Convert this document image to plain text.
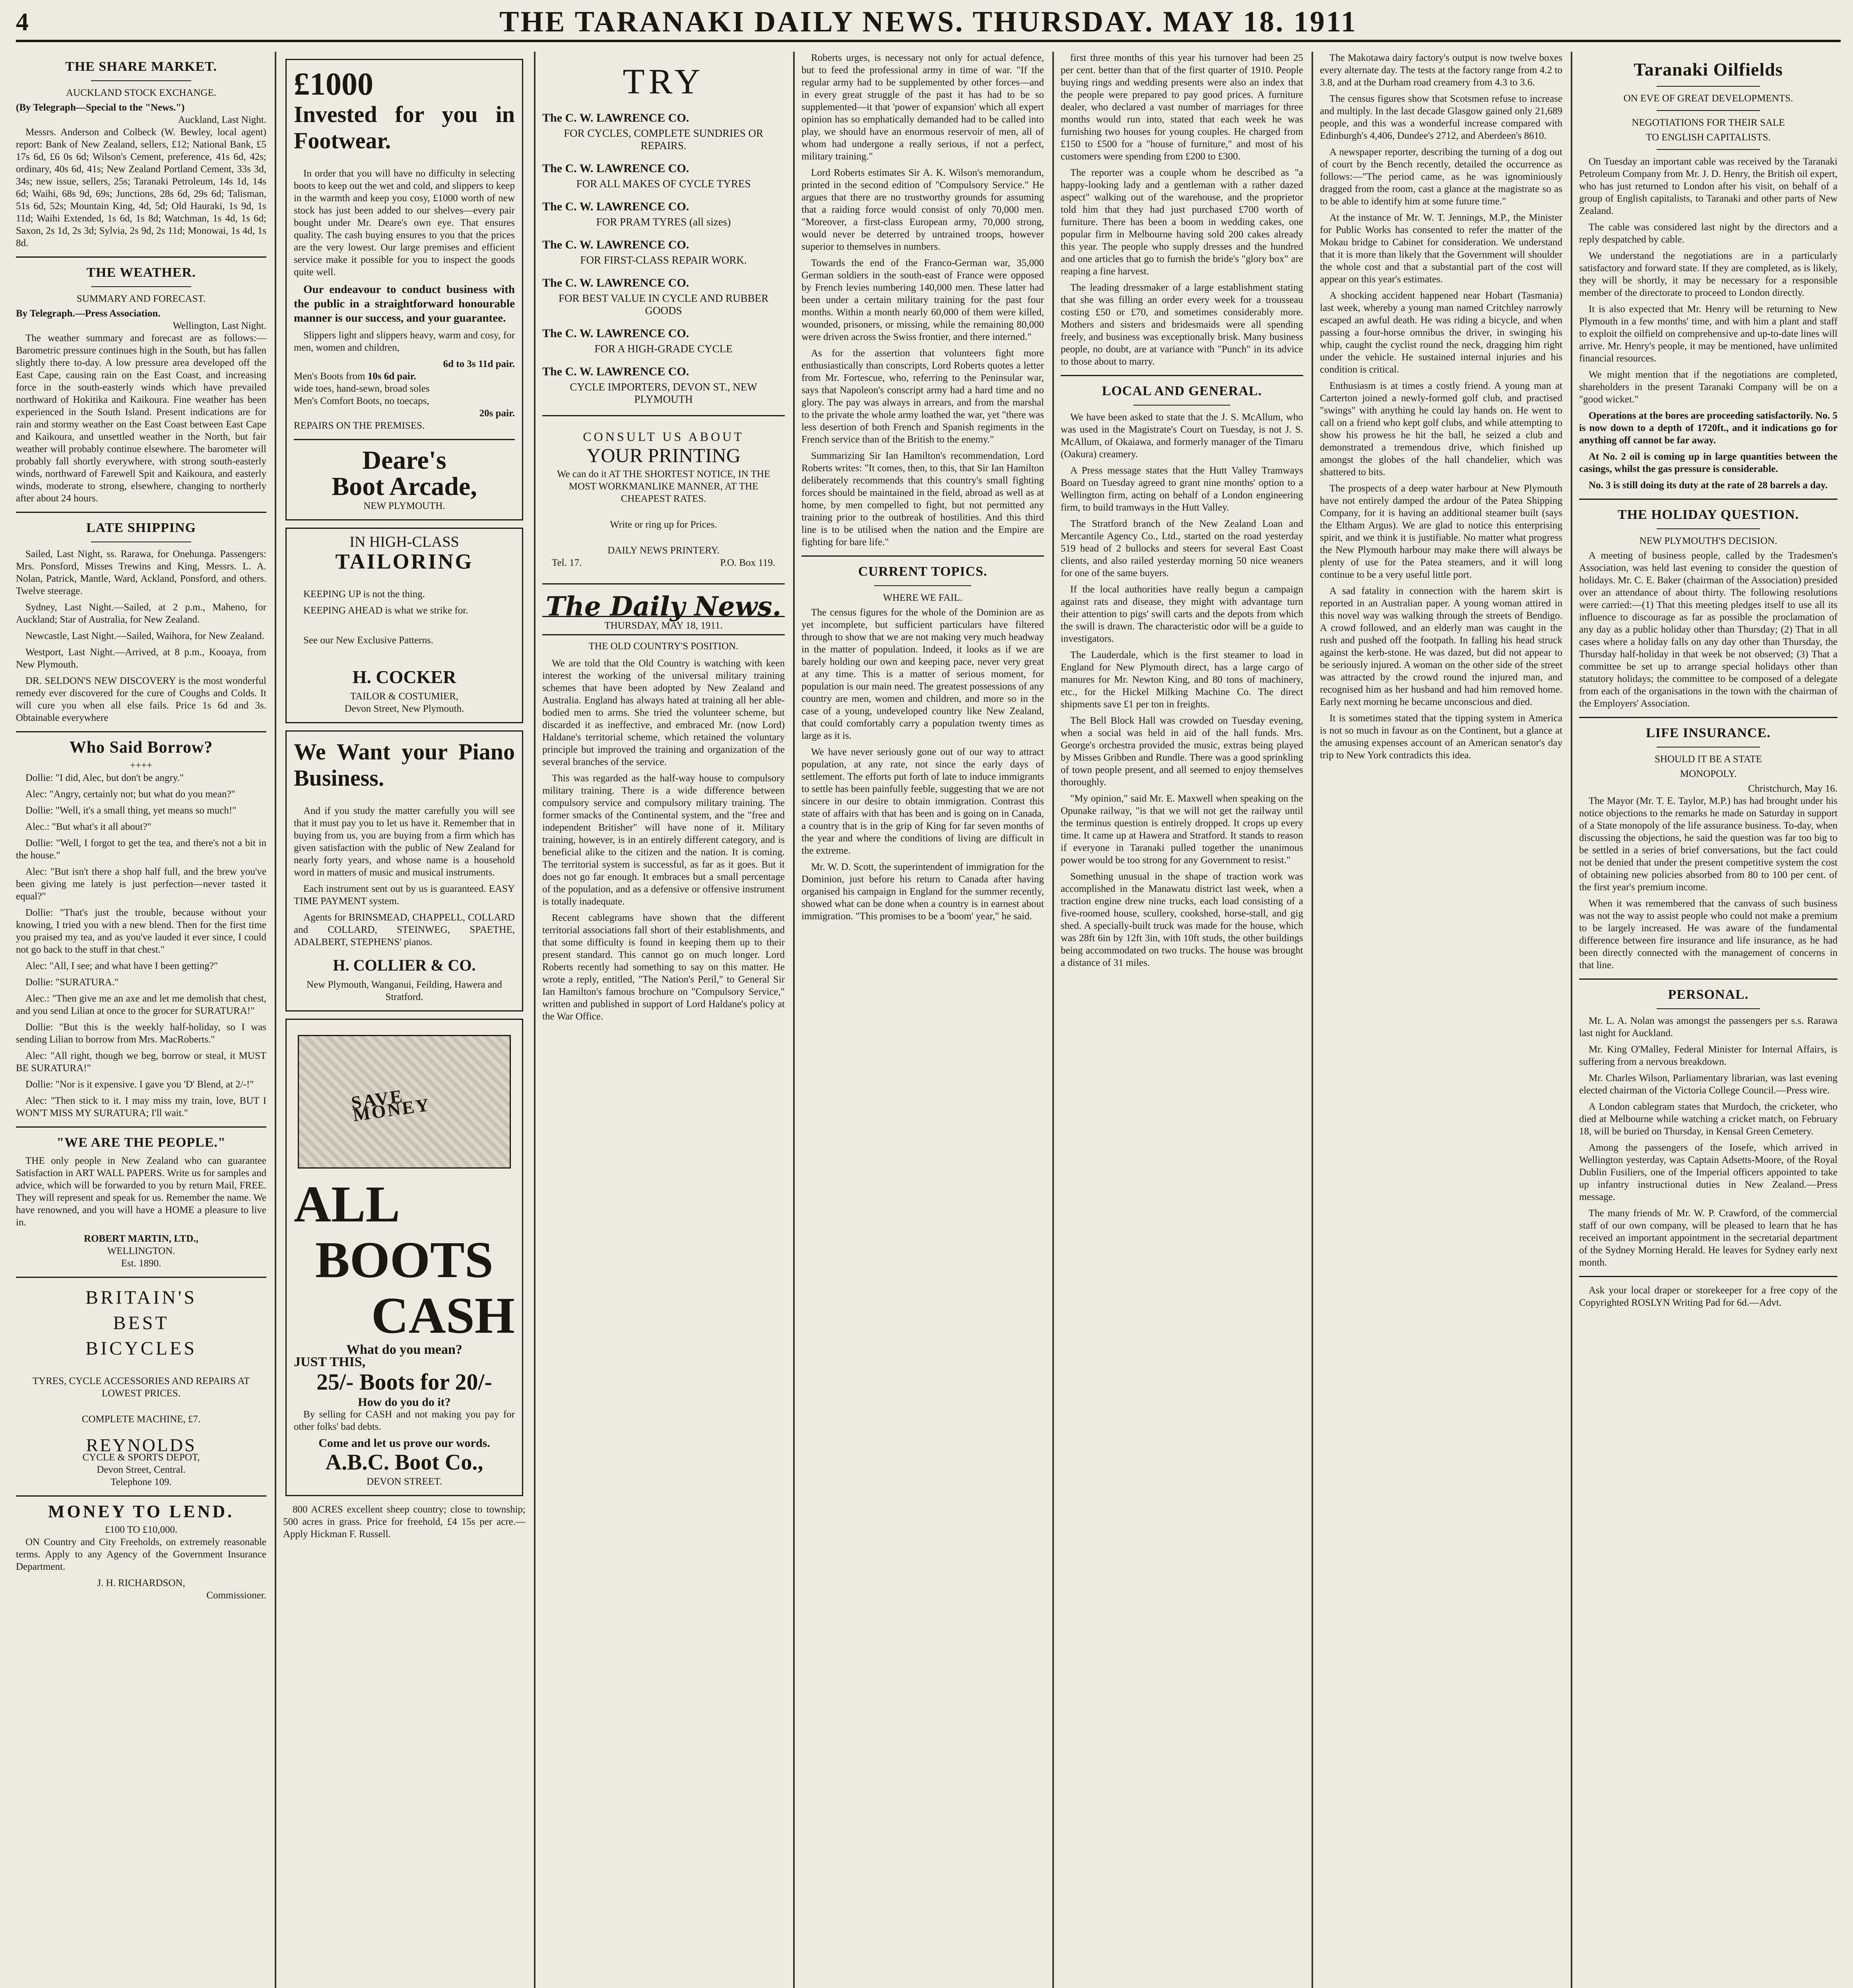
4	THE TARANAKI DAILY NEWS. THURSDAY. MAY 18. 1911
THE SHARE MARKET.
AUCKLAND STOCK EXCHANGE.
(By Telegraph—Special to the "News.")
Auckland, Last Night.

Messrs. Anderson and Colbeck (W. Bewley, local agent) report: Bank of New Zealand, sellers, £12; National Bank, £5 17s 6d, £6 0s 6d; Wilson's Cement, preference, 41s 6d, 42s; ordinary, 40s 6d, 41s; New Zealand Portland Cement, 33s 3d, 34s; new issue, sellers, 25s; Taranaki Petroleum, 14s 1d, 14s 6d; Waihi, 68s 9d, 69s; Junctions, 28s 6d, 29s 6d; Talisman, 51s 6d, 52s; Mountain King, 4d, 5d; Old Hauraki, 1s 9d, 1s 11d; Waihi Extended, 1s 6d, 1s 8d; Watchman, 1s 4d, 1s 6d; Saxon, 2s 1d, 2s 3d; Sylvia, 2s 9d, 2s 11d; Monowai, 1s 4d, 1s 8d.

THE WEATHER.
SUMMARY AND FORECAST.
By Telegraph.—Press Association.
Wellington, Last Night.

The weather summary and forecast are as follows:—Barometric pressure continues high in the South, but has fallen slightly there to-day. A low pressure area developed off the East Cape, causing rain on the East Coast, and increasing force in the south-easterly winds which have prevailed northward of Hokitika and Kaikoura. Fine weather has been experienced in the South Island. Present indications are for rain and stormy weather on the East Coast between East Cape and Kaikoura, and unsettled weather in the North, but fair weather will probably continue elsewhere. The barometer will probably fall shortly everywhere, with strong south-easterly winds, northward of Farewell Spit and Kaikoura, and easterly winds, moderate to strong, elsewhere, changing to northerly after about 24 hours.

LATE SHIPPING

Sailed, Last Night, ss. Rarawa, for Onehunga. Passengers: Mrs. Ponsford, Misses Trewins and King, Messrs. L. A. Nolan, Patrick, Mantle, Ward, Ackland, Ponsford, and others. Twelve steerage.

Sydney, Last Night.—Sailed, at 2 p.m., Maheno, for Auckland; Star of Australia, for New Zealand.

Newcastle, Last Night.—Sailed, Waihora, for New Zealand.

Westport, Last Night.—Arrived, at 8 p.m., Kooaya, from New Plymouth.

DR. SELDON'S NEW DISCOVERY is the most wonderful remedy ever discovered for the cure of Coughs and Colds. It will cure you when all else fails. Price 1s 6d and 3s. Obtainable everywhere

Who Said Borrow?
++++

Dollie: "I did, Alec, but don't be angry."

Alec: "Angry, certainly not; but what do you mean?"

Dollie: "Well, it's a small thing, yet means so much!"

Alec.: "But what's it all about?"

Dollie: "Well, I forgot to get the tea, and there's not a bit in the house."

Alec: "But isn't there a shop half full, and the brew you've been giving me lately is just perfection—never tasted it equal?"

Dollie: "That's just the trouble, because without your knowing, I tried you with a new blend. Then for the first time you praised my tea, and as you've lauded it ever since, I could not go back to the stuff in that chest."

Alec: "All, I see; and what have I been getting?"

Dollie: "SURATURA."

Alec.: "Then give me an axe and let me demolish that chest, and you send Lilian at once to the grocer for SURATURA!"

Dollie: "But this is the weekly half-holiday, so I was sending Lilian to borrow from Mrs. MacRoberts."

Alec: "All right, though we beg, borrow or steal, it MUST BE SURATURA!"

Dollie: "Nor is it expensive. I gave you 'D' Blend, at 2/-!"

Alec: "Then stick to it. I may miss my train, love, BUT I WON'T MISS MY SURATURA; I'll wait."

"WE ARE THE PEOPLE."

THE only people in New Zealand who can guarantee Satisfaction in ART WALL PAPERS. Write us for samples and advice, which will be forwarded to you by return Mail, FREE. They will represent and speak for us. Remember the name. We have renowned, and you will have a HOME a pleasure to live in.

ROBERT MARTIN, LTD.,
WELLINGTON.
Est. 1890.
BRITAIN'S
BEST
BICYCLES
TYRES, CYCLE ACCESSORIES AND REPAIRS AT LOWEST PRICES.
COMPLETE MACHINE, £7.
REYNOLDS
CYCLE & SPORTS DEPOT,
Devon Street, Central.
Telephone 109.
MONEY TO LEND.
£100 TO £10,000.

ON Country and City Freeholds, on extremely reasonable terms. Apply to any Agency of the Government Insurance Department.

J. H. RICHARDSON,
Commissioner.
£1000
Invested for you in Footwear.

In order that you will have no difficulty in selecting boots to keep out the wet and cold, and slippers to keep in the warmth and keep you cosy, £1000 worth of new stock has just been added to our shelves—every pair bought under Mr. Deare's own eye. That ensures quality. The cash buying ensures to you that the prices are the very lowest. Our large premises and efficient service make it possible for you to inspect the goods quite well.

Our endeavour to conduct business with the public in a straightforward honourable manner is our success, and your guarantee.

Slippers light and slippers heavy, warm and cosy, for men, women and children,

6d to 3s 11d pair.
Men's Boots from 10s 6d pair.
wide toes, hand-sewn, broad soles
Men's Comfort Boots, no toecaps,
20s pair.
REPAIRS ON THE PREMISES.
Deare's
Boot Arcade,
NEW PLYMOUTH.
IN HIGH-CLASS
TAILORING

KEEPING UP is not the thing.

KEEPING AHEAD is what we strike for.

See our New Exclusive Patterns.

H. COCKER
TAILOR & COSTUMIER,
Devon Street, New Plymouth.
We Want your Piano Business.

And if you study the matter carefully you will see that it must pay you to let us have it. Remember that in buying from us, you are buying from a firm which has given satisfaction with the public of New Zealand for nearly forty years, and whose name is a household word in matters of music and musical instruments.

Each instrument sent out by us is guaranteed. EASY TIME PAYMENT system.

Agents for BRINSMEAD, CHAPPELL, COLLARD and COLLARD, STEINWEG, SPAETHE, ADALBERT, STEPHENS' pianos.

H. COLLIER & CO.
New Plymouth, Wanganui, Feilding, Hawera and Stratford.
SAVE MONEY
ALL
BOOTS
CASH
What do you mean?
JUST THIS,
25/- Boots for 20/-
How do you do it?

By selling for CASH and not making you pay for other folks' bad debts.

Come and let us prove our words.
A.B.C. Boot Co.,
DEVON STREET.

800 ACRES excellent sheep country; close to township; 500 acres in grass. Price for freehold, £4 15s per acre.—Apply Hickman F. Russell.

TRY
The C. W. LAWRENCE CO.
FOR CYCLES, COMPLETE SUNDRIES OR REPAIRS.
The C. W. LAWRENCE CO.
FOR ALL MAKES OF CYCLE TYRES
The C. W. LAWRENCE CO.
FOR PRAM TYRES (all sizes)
The C. W. LAWRENCE CO.
FOR FIRST-CLASS REPAIR WORK.
The C. W. LAWRENCE CO.
FOR BEST VALUE IN CYCLE AND RUBBER GOODS
The C. W. LAWRENCE CO.
FOR A HIGH-GRADE CYCLE
The C. W. LAWRENCE CO.
CYCLE IMPORTERS, DEVON ST., NEW PLYMOUTH
CONSULT US ABOUT
YOUR PRINTING
We can do it AT THE SHORTEST NOTICE, IN THE MOST WORKMANLIKE MANNER, AT THE CHEAPEST RATES.
Write or ring up for Prices.
DAILY NEWS PRINTERY.
Tel. 17.	P.O. Box 119.
The Daily News.
THURSDAY, MAY 18, 1911.
THE OLD COUNTRY'S POSITION.

We are told that the Old Country is watching with keen interest the working of the universal military training schemes that have been adopted by New Zealand and Australia. England has always hated at training all her able-bodied men to arms. She tried the volunteer scheme, but discarded it as ineffective, and embraced Mr. (now Lord) Haldane's territorial scheme, which retained the voluntary principle but improved the training and organization of the several branches of the service.

This was regarded as the half-way house to compulsory military training. There is a wide difference between compulsory service and compulsory military training. The former smacks of the Continental system, and the "free and independent Britisher" will have none of it. Military training, however, is in an entirely different category, and is beneficial alike to the citizen and the nation. It is coming. The territorial system is successful, as far as it goes. But it does not go far enough. It embraces but a small percentage of the population, and as a defensive or offensive instrument is totally inadequate.

Recent cablegrams have shown that the different territorial associations fall short of their establishments, and that some difficulty is found in keeping them up to their present standard. This cannot go on much longer. Lord Roberts recently had something to say on this matter. He wrote a reply, entitled, "The Nation's Peril," to General Sir Ian Hamilton's famous brochure on "Compulsory Service," written and published in support of Lord Haldane's policy at the War Office.

Roberts urges, is necessary not only for actual defence, but to feed the professional army in time of war. "If the regular army had to be supplemented by other forces—and in every great struggle of the past it has had to be so supplemented—it that 'power of expansion' which all expert opinion has so emphatically demanded had to be called into play, we should have an enormous reservoir of men, all of whom had undergone a really serious, if not a perfect, military training."

Lord Roberts estimates Sir A. K. Wilson's memorandum, printed in the second edition of "Compulsory Service." He argues that there are no trustworthy grounds for assuming that a raiding force would consist of only 70,000 men. "Moreover, a first-class European army, 70,000 strong, would never be deterred by untrained troops, however superior to themselves in numbers.

Towards the end of the Franco-German war, 35,000 German soldiers in the south-east of France were opposed by French levies numbering 140,000 men. These latter had been under a certain military training for the past four months. Within a month nearly 60,000 of them were killed, wounded, prisoners, or missing, while the remaining 80,000 were driven across the Swiss frontier, and there interned."

As for the assertion that volunteers fight more enthusiastically than conscripts, Lord Roberts quotes a letter from Mr. Fortescue, who, referring to the Peninsular war, says that Napoleon's conscript army had a hard time and no glory. The pay was always in arrears, and from the marshal to the private the whole army loathed the war, yet "there was less desertion of both French and Spanish regiments in the French service than of the British to the enemy."

Summarizing Sir Ian Hamilton's recommendation, Lord Roberts writes: "It comes, then, to this, that Sir Ian Hamilton deliberately recommends that this country's small fighting forces should be maintained in the field, abroad as well as at home, by men compelled to fight, but not permitted any training prior to the outbreak of hostilities. And this third line is to be utilised when the nation and the Empire are fighting for bare life."

CURRENT TOPICS.
WHERE WE FAIL.

The census figures for the whole of the Dominion are as yet incomplete, but sufficient particulars have filtered through to show that we are not making very much headway in the matter of population. Indeed, it looks as if we are barely holding our own and keeping pace, never very great at any time. This is a matter of serious moment, for population is our main need. The greatest possessions of any country are men, women and children, and more so in the case of a young, undeveloped country like New Zealand, that could comfortably carry a population twenty times as large as it is.

We have never seriously gone out of our way to attract population, at any rate, not since the early days of settlement. The efforts put forth of late to induce immigrants to settle has been painfully feeble, suggesting that we are not sincere in our desire to obtain immigration. Contrast this state of affairs with that has been and is going on in Canada, a country that is in the grip of King for far seven months of the year and where the conditions of living are difficult in the extreme.

Mr. W. D. Scott, the superintendent of immigration for the Dominion, just before his return to Canada after having organised his campaign in England for the summer recently, showed what can be done when a country is in earnest about immigration. "This promises to be a 'boom' year," he said.

first three months of this year his turnover had been 25 per cent. better than that of the first quarter of 1910. People buying rings and wedding presents were also an index that the people were prepared to pay good prices. A furniture dealer, who declared a vast number of marriages for three months would run into, stated that each week he was furnishing two houses for young couples. He charged from £150 to £500 for a "house of furniture," and most of his customers were spending from £200 to £300.

The reporter was a couple whom he described as "a happy-looking lady and a gentleman with a rather dazed aspect" walking out of the warehouse, and the proprietor told him that they had just purchased £700 worth of furniture. There has been a boom in wedding cakes, one popular firm in Melbourne having sold 200 cakes already this year. The people who supply dresses and the hundred and one articles that go to furnish the bride's "glory box" are reaping a fine harvest.

The leading dressmaker of a large establishment stating that she was filling an order every week for a trousseau costing £50 or £70, and sometimes considerably more. Mothers and sisters and bridesmaids were all spending freely, and business was exceptionally brisk. Many business people, no doubt, are at variance with "Punch" in its advice to those about to marry.

LOCAL AND GENERAL.

We have been asked to state that the J. S. McAllum, who was used in the Magistrate's Court on Tuesday, is not J. S. McAllum, of Okaiawa, and formerly manager of the Timaru (Oakura) creamery.

A Press message states that the Hutt Valley Tramways Board on Tuesday agreed to grant nine months' option to a Wellington firm, acting on behalf of a London engineering firm, to build tramways in the Hutt Valley.

The Stratford branch of the New Zealand Loan and Mercantile Agency Co., Ltd., started on the road yesterday 519 head of 2 bullocks and steers for several East Coast clients, and also railed yesterday morning 50 nice weaners for one of the same buyers.

If the local authorities have really begun a campaign against rats and disease, they might with advantage turn their attention to pigs' swill carts and the depots from which the swill is drawn. The characteristic odor will be a guide to investigators.

The Lauderdale, which is the first steamer to load in England for New Plymouth direct, has a large cargo of manures for Mr. Newton King, and 80 tons of machinery, etc., for the Hickel Milking Machine Co. The direct shipments save £1 per ton in freights.

The Bell Block Hall was crowded on Tuesday evening, when a social was held in aid of the hall funds. Mrs. George's orchestra provided the music, extras being played by Misses Gribben and Rundle. There was a good sprinkling of town people present, and all seemed to enjoy themselves thoroughly.

"My opinion," said Mr. E. Maxwell when speaking on the Opunake railway, "is that we will not get the railway until the terminus question is entirely dropped. It crops up every time. It came up at Hawera and Stratford. It stands to reason if everyone in Taranaki pulled together the unanimous power would be too strong for any Government to resist."

Something unusual in the shape of traction work was accomplished in the Manawatu district last week, when a traction engine drew nine trucks, each load consisting of a five-roomed house, scullery, cookshed, horse-stall, and gig shed. A specially-built truck was made for the house, which was 28ft 6in by 12ft 3in, with 10ft studs, the other buildings being accommodated on two trucks. The house was brought a distance of 31 miles.

The Makotawa dairy factory's output is now twelve boxes every alternate day. The tests at the factory range from 4.2 to 3.8, and at the Durham road creamery from 4.3 to 3.6.

The census figures show that Scotsmen refuse to increase and multiply. In the last decade Glasgow gained only 21,689 people, and this was a wonderful increase compared with Edinburgh's 4,406, Dundee's 2712, and Aberdeen's 8610.

A newspaper reporter, describing the turning of a dog out of court by the Bench recently, detailed the occurrence as follows:—"The period came, as he was ignominiously dragged from the room, cast a glance at the magistrate so as to be able to identify him at some future time."

At the instance of Mr. W. T. Jennings, M.P., the Minister for Public Works has consented to refer the matter of the Mokau bridge to Cabinet for consideration. We understand that it is more than likely that the Government will shoulder the whole cost and that a substantial part of the cost will appear on this year's estimates.

A shocking accident happened near Hobart (Tasmania) last week, whereby a young man named Critchley narrowly escaped an awful death. He was riding a bicycle, and when passing a four-horse omnibus the driver, in swinging his whip, caught the cyclist round the neck, dragging him right under the vehicle. He sustained internal injuries and his condition is critical.

Enthusiasm is at times a costly friend. A young man at Carterton joined a newly-formed golf club, and practised "swings" with anything he could lay hands on. He went to call on a friend who kept golf clubs, and while attempting to show his prowess he hit the ball, he seized a club and demonstrated a tremendous drive, which finished up amongst the globes of the hall chandelier, which was shattered to bits.

The prospects of a deep water harbour at New Plymouth have not entirely damped the ardour of the Patea Shipping Company, for it is having an additional steamer built (says the Eltham Argus). We are glad to notice this enterprising spirit, and we think it is justifiable. No matter what progress the New Plymouth harbour may make there will always be plenty of use for the Patea steamers, and it will long continue to be a very useful little port.

A sad fatality in connection with the harem skirt is reported in an Australian paper. A young woman attired in this novel way was walking through the streets of Bendigo. A crowd followed, and an elderly man was caught in the rush and pushed off the footpath. In falling his head struck against the kerb-stone. He was dazed, but did not appear to be seriously injured. A woman on the other side of the street was attracted by the crowd round the injured man, and recognised him as her husband and had him removed home. Early next morning he became unconscious and died.

It is sometimes stated that the tipping system in America is not so much in favour as on the Continent, but a glance at the amusing expenses account of an American senator's day trip to New York contradicts this idea.

Taranaki Oilfields
ON EVE OF GREAT DEVELOPMENTS.
NEGOTIATIONS FOR THEIR SALE
TO ENGLISH CAPITALISTS.

On Tuesday an important cable was received by the Taranaki Petroleum Company from Mr. J. D. Henry, the British oil expert, who has just returned to London after his visit, on behalf of a group of English capitalists, to Taranaki and other parts of New Zealand.

The cable was considered last night by the directors and a reply despatched by cable.

We understand the negotiations are in a particularly satisfactory and forward state. If they are completed, as is likely, they will be shortly, it may be necessary for a responsible member of the directorate to proceed to London directly.

It is also expected that Mr. Henry will be returning to New Plymouth in a few months' time, and with him a plant and staff to exploit the oilfield on comprehensive and up-to-date lines will arrive. Mr. Henry's people, it may be mentioned, have unlimited financial resources.

We might mention that if the negotiations are completed, shareholders in the present Taranaki Company will be on a "good wicket."

Operations at the bores are proceeding satisfactorily. No. 5 is now down to a depth of 1720ft., and it indications go for anything off cannot be far away.

At No. 2 oil is coming up in large quantities between the casings, whilst the gas pressure is considerable.

No. 3 is still doing its duty at the rate of 28 barrels a day.

THE HOLIDAY QUESTION.
NEW PLYMOUTH'S DECISION.

A meeting of business people, called by the Tradesmen's Association, was held last evening to consider the question of holidays. Mr. C. E. Baker (chairman of the Association) presided over an attendance of about thirty. The following resolutions were carried:—(1) That this meeting pledges itself to use all its influence to discourage as far as possible the proclamation of any day as a public holiday other than Thursday; (2) That in all cases where a holiday falls on any day other than Thursday, the Thursday half-holiday in that week be not observed; (3) That a committee be set up to arrange special holidays other than statutory holidays; the committee to be composed of a delegate from each of the organisations in the town with the chairman of the Employers' Association.

LIFE INSURANCE.
SHOULD IT BE A STATE
MONOPOLY.
Christchurch, May 16.

The Mayor (Mr. T. E. Taylor, M.P.) has had brought under his notice objections to the remarks he made on Saturday in support of a State monopoly of the life assurance business. To-day, when discussing the objections, he said the question was far too big to be settled in a series of brief conversations, but the fact could not be denied that under the present competitive system the cost of obtaining new policies absorbed from 80 to 100 per cent. of the first year's premium income.

When it was remembered that the canvass of such business was not the way to assist people who could not make a premium to be largely increased. He was aware of the fundamental difference between fire insurance and life insurance, as he had been directly connected with the management of concerns in that line.

PERSONAL.

Mr. L. A. Nolan was amongst the passengers per s.s. Rarawa last night for Auckland.

Mr. King O'Malley, Federal Minister for Internal Affairs, is suffering from a nervous breakdown.

Mr. Charles Wilson, Parliamentary librarian, was last evening elected chairman of the Victoria College Council.—Press wire.

A London cablegram states that Murdoch, the cricketer, who died at Melbourne while watching a cricket match, on February 18, will be buried on Thursday, in Kensal Green Cemetery.

Among the passengers of the Iosefe, which arrived in Wellington yesterday, was Captain Adsetts-Moore, of the Royal Dublin Fusiliers, one of the Imperial officers appointed to take up infantry instructional duties in New Zealand.—Press message.

The many friends of Mr. W. P. Crawford, of the commercial staff of our own company, will be pleased to learn that he has received an important appointment in the secretarial department of the Sydney Morning Herald. He leaves for Sydney early next month.

Ask your local draper or storekeeper for a free copy of the Copyrighted ROSLYN Writing Pad for 6d.—Advt.
